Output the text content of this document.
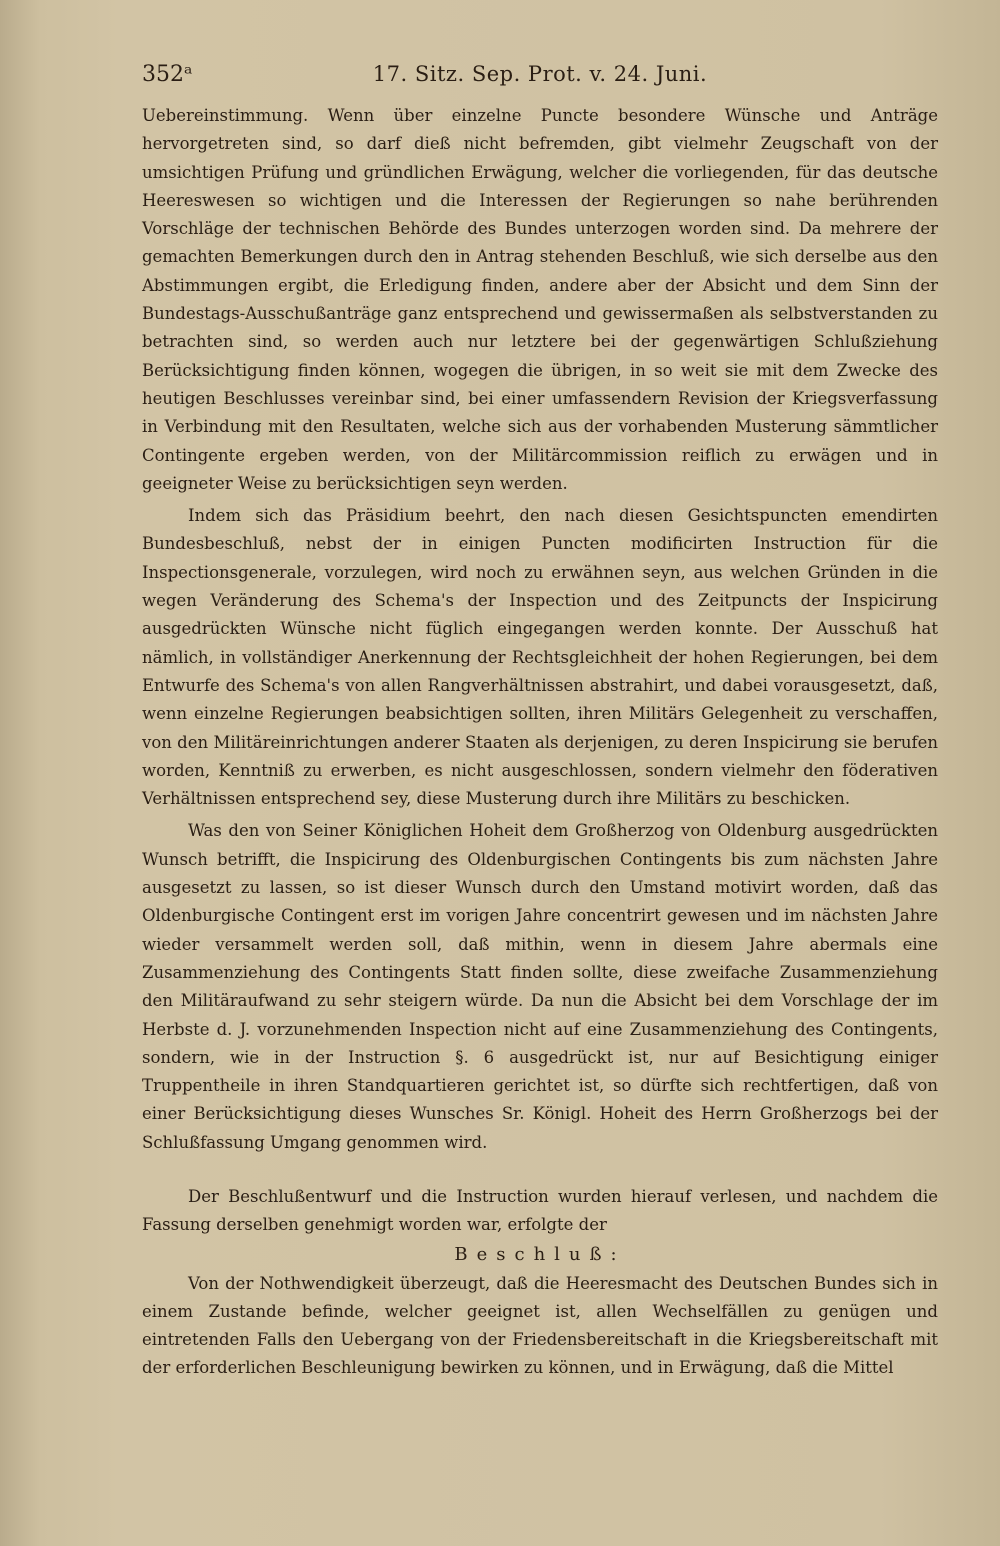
352ᵃ	17. Sitz. Sep. Prot. v. 24. Juni.

Uebereinstimmung. Wenn über einzelne Puncte besondere Wünsche und Anträge hervorgetreten sind, so darf dieß nicht befremden, gibt vielmehr Zeugschaft von der umsichtigen Prüfung und gründlichen Erwägung, welcher die vorliegenden, für das deutsche Heereswesen so wichtigen und die Interessen der Regierungen so nahe berührenden Vorschläge der technischen Behörde des Bundes unterzogen worden sind. Da mehrere der gemachten Bemerkungen durch den in Antrag stehenden Beschluß, wie sich derselbe aus den Abstimmungen ergibt, die Erledigung finden, andere aber der Absicht und dem Sinn der Bundestags-Ausschußanträge ganz entsprechend und gewissermaßen als selbstverstanden zu betrachten sind, so werden auch nur letztere bei der gegenwärtigen Schlußziehung Berücksichtigung finden können, wogegen die übrigen, in so weit sie mit dem Zwecke des heutigen Beschlusses vereinbar sind, bei einer umfassendern Revision der Kriegsverfassung in Verbindung mit den Resultaten, welche sich aus der vorhabenden Musterung sämmtlicher Contingente ergeben werden, von der Militärcommission reiflich zu erwägen und in geeigneter Weise zu berücksichtigen seyn werden.

Indem sich das Präsidium beehrt, den nach diesen Gesichtspuncten emendirten Bundesbeschluß, nebst der in einigen Puncten modificirten Instruction für die Inspectionsgenerale, vorzulegen, wird noch zu erwähnen seyn, aus welchen Gründen in die wegen Veränderung des Schema's der Inspection und des Zeitpuncts der Inspicirung ausgedrückten Wünsche nicht füglich eingegangen werden konnte. Der Ausschuß hat nämlich, in vollständiger Anerkennung der Rechtsgleichheit der hohen Regierungen, bei dem Entwurfe des Schema's von allen Rangverhältnissen abstrahirt, und dabei vorausgesetzt, daß, wenn einzelne Regierungen beabsichtigen sollten, ihren Militärs Gelegenheit zu verschaffen, von den Militäreinrichtungen anderer Staaten als derjenigen, zu deren Inspicirung sie berufen worden, Kenntniß zu erwerben, es nicht ausgeschlossen, sondern vielmehr den föderativen Verhältnissen entsprechend sey, diese Musterung durch ihre Militärs zu beschicken.

Was den von Seiner Königlichen Hoheit dem Großherzog von Oldenburg ausgedrückten Wunsch betrifft, die Inspicirung des Oldenburgischen Contingents bis zum nächsten Jahre ausgesetzt zu lassen, so ist dieser Wunsch durch den Umstand motivirt worden, daß das Oldenburgische Contingent erst im vorigen Jahre concentrirt gewesen und im nächsten Jahre wieder versammelt werden soll, daß mithin, wenn in diesem Jahre abermals eine Zusammenziehung des Contingents Statt finden sollte, diese zweifache Zusammenziehung den Militäraufwand zu sehr steigern würde. Da nun die Absicht bei dem Vorschlage der im Herbste d. J. vorzunehmenden Inspection nicht auf eine Zusammenziehung des Contingents, sondern, wie in der Instruction §. 6 ausgedrückt ist, nur auf Besichtigung einiger Truppentheile in ihren Standquartieren gerichtet ist, so dürfte sich rechtfertigen, daß von einer Berücksichtigung dieses Wunsches Sr. Königl. Hoheit des Herrn Großherzogs bei der Schlußfassung Umgang genommen wird.

Der Beschlußentwurf und die Instruction wurden hierauf verlesen, und nachdem die Fassung derselben genehmigt worden war, erfolgte der

Beschluß:

Von der Nothwendigkeit überzeugt, daß die Heeresmacht des Deutschen Bundes sich in einem Zustande befinde, welcher geeignet ist, allen Wechselfällen zu genügen und eintretenden Falls den Uebergang von der Friedensbereitschaft in die Kriegsbereitschaft mit der erforderlichen Beschleunigung bewirken zu können, und in Erwägung, daß die Mittel
